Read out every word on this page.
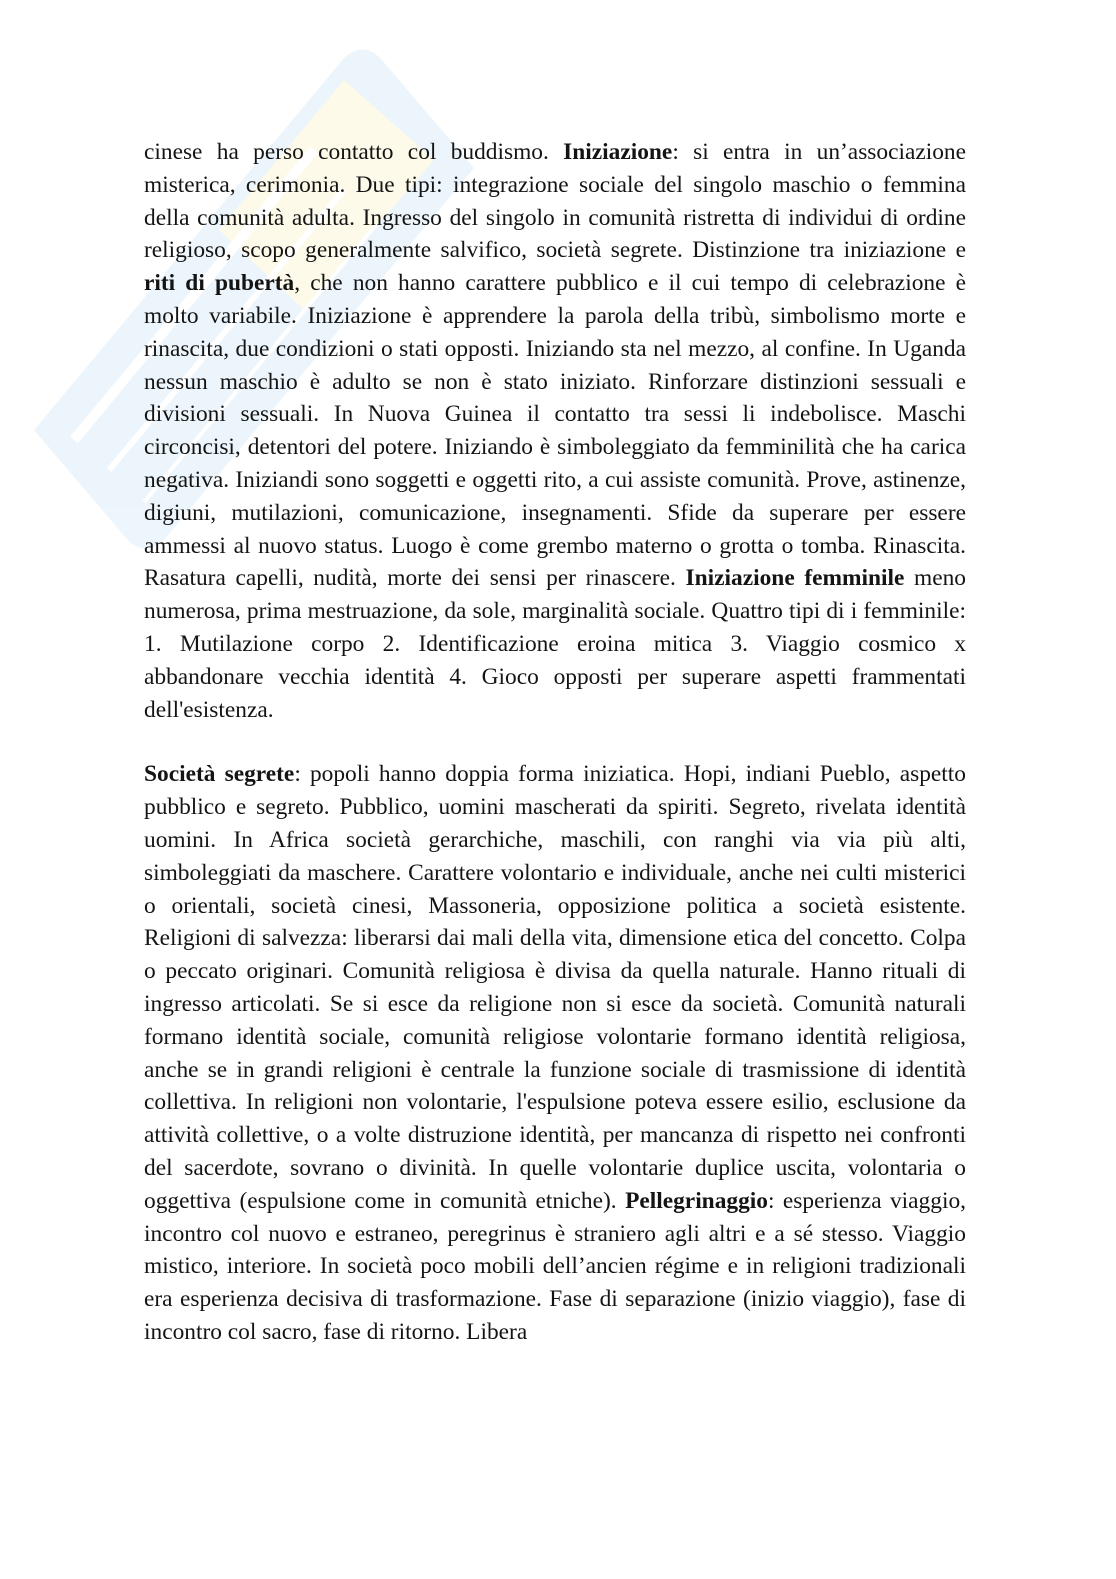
cinese ha perso contatto col buddismo. Iniziazione: si entra in un’associazione misterica, cerimonia. Due tipi: integrazione sociale del singolo maschio o femmina della comunità adulta. Ingresso del singolo in comunità ristretta di individui di ordine religioso, scopo generalmente salvifico, società segrete. Distinzione tra iniziazione e riti di pubertà, che non hanno carattere pubblico e il cui tempo di celebrazione è molto variabile. Iniziazione è apprendere la parola della tribù, simbolismo morte e rinascita, due condizioni o stati opposti. Iniziando sta nel mezzo, al confine. In Uganda nessun maschio è adulto se non è stato iniziato. Rinforzare distinzioni sessuali e divisioni sessuali. In Nuova Guinea il contatto tra sessi li indebolisce. Maschi circoncisi, detentori del potere. Iniziando è simboleggiato da femminilità che ha carica negativa. Iniziandi sono soggetti e oggetti rito, a cui assiste comunità. Prove, astinenze, digiuni, mutilazioni, comunicazione, insegnamenti. Sfide da superare per essere ammessi al nuovo status. Luogo è come grembo materno o grotta o tomba. Rinascita. Rasatura capelli, nudità, morte dei sensi per rinascere. Iniziazione femminile meno numerosa, prima mestruazione, da sole, marginalità sociale. Quattro tipi di i femminile: 1. Mutilazione corpo 2. Identificazione eroina mitica 3. Viaggio cosmico x abbandonare vecchia identità 4. Gioco opposti per superare aspetti frammentati dell'esistenza.

Società segrete: popoli hanno doppia forma iniziatica. Hopi, indiani Pueblo, aspetto pubblico e segreto. Pubblico, uomini mascherati da spiriti. Segreto, rivelata identità uomini. In Africa società gerarchiche, maschili, con ranghi via via più alti, simboleggiati da maschere. Carattere volontario e individuale, anche nei culti misterici o orientali, società cinesi, Massoneria, opposizione politica a società esistente. Religioni di salvezza: liberarsi dai mali della vita, dimensione etica del concetto. Colpa o peccato originari. Comunità religiosa è divisa da quella naturale. Hanno rituali di ingresso articolati. Se si esce da religione non si esce da società. Comunità naturali formano identità sociale, comunità religiose volontarie formano identità religiosa, anche se in grandi religioni è centrale la funzione sociale di trasmissione di identità collettiva. In religioni non volontarie, l'espulsione poteva essere esilio, esclusione da attività collettive, o a volte distruzione identità, per mancanza di rispetto nei confronti del sacerdote, sovrano o divinità. In quelle volontarie duplice uscita, volontaria o oggettiva (espulsione come in comunità etniche). Pellegrinaggio: esperienza viaggio, incontro col nuovo e estraneo, peregrinus è straniero agli altri e a sé stesso. Viaggio mistico, interiore. In società poco mobili dell’ancien régime e in religioni tradizionali era esperienza decisiva di trasformazione. Fase di separazione (inizio viaggio), fase di incontro col sacro, fase di ritorno. Libera
